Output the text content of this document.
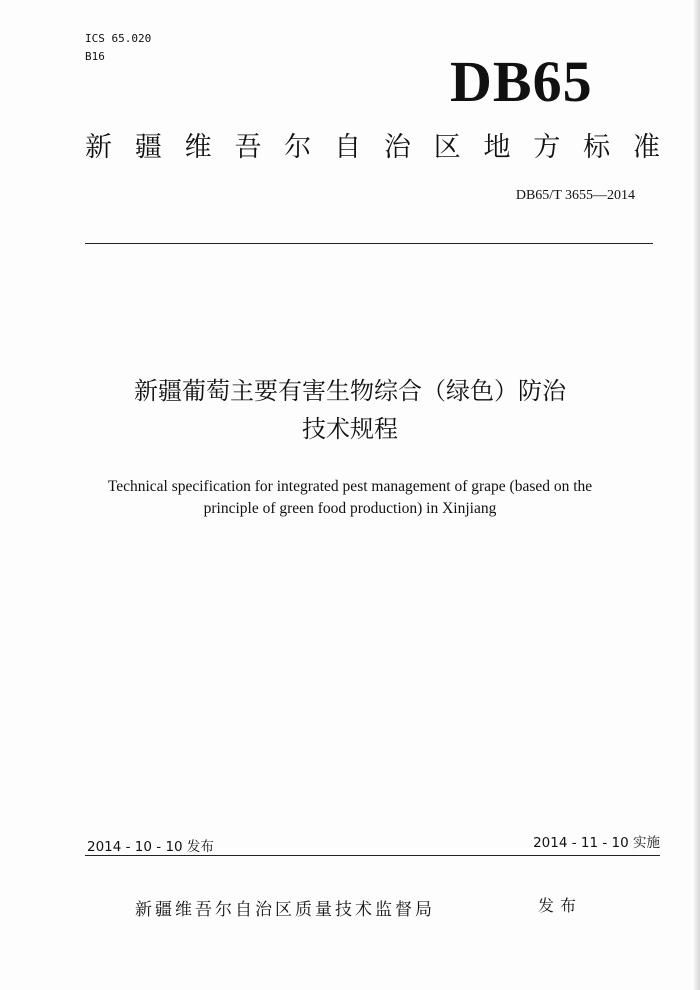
ICS 65.020
B16	DB65
新 疆 维 吾 尔 自 治 区 地 方 标 准
DB65/T 3655—2014
新疆葡萄主要有害生物综合（绿色）防治
技术规程
Technical specification for integrated pest management of grape (based on the
principle of green food production) in Xinjiang
2014 - 10 - 10 发布	2014 - 11 - 10 实施
新疆维吾尔自治区质量技术监督局	发布
